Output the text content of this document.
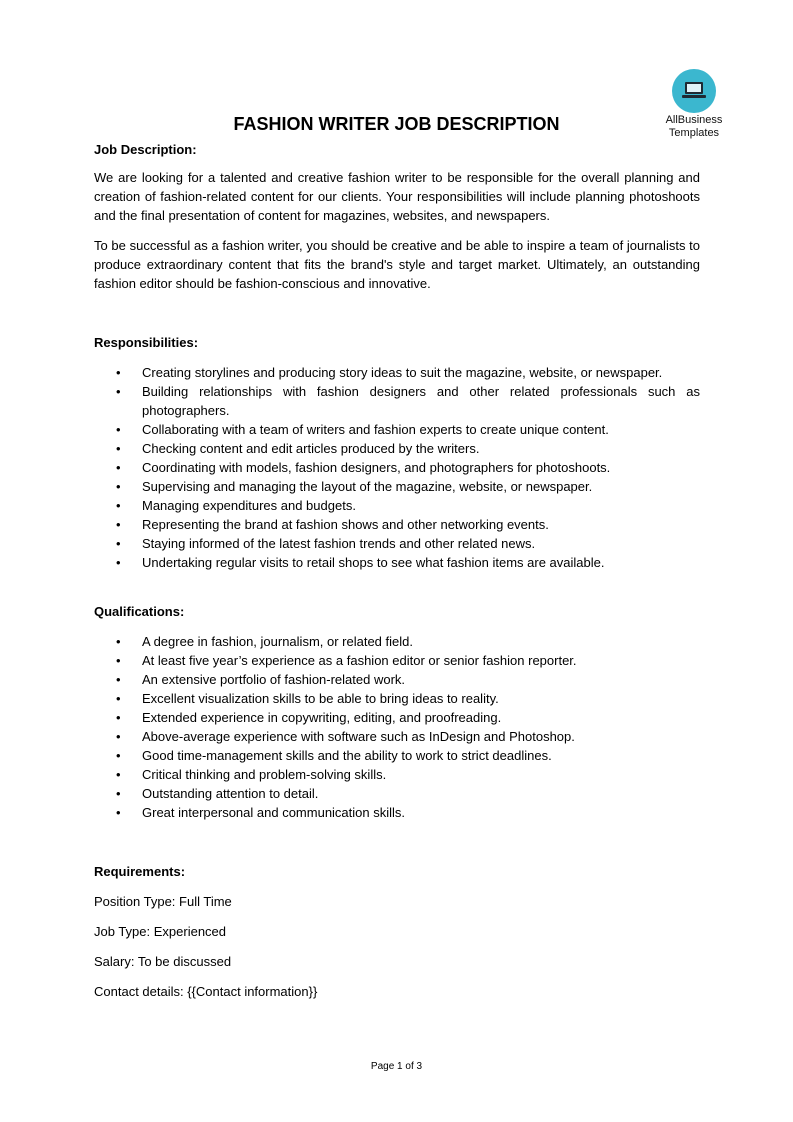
AllBusiness
Templates
FASHION WRITER JOB DESCRIPTION

Job Description:

We are looking for a talented and creative fashion writer to be responsible for the overall planning and creation of fashion-related content for our clients. Your responsibilities will include planning photoshoots and the final presentation of content for magazines, websites, and newspapers.

To be successful as a fashion writer, you should be creative and be able to inspire a team of journalists to produce extraordinary content that fits the brand's style and target market. Ultimately, an outstanding fashion editor should be fashion-conscious and innovative.

Responsibilities:

• Creating storylines and producing story ideas to suit the magazine, website, or newspaper.
• Building relationships with fashion designers and other related professionals such as photographers.
• Collaborating with a team of writers and fashion experts to create unique content.
• Checking content and edit articles produced by the writers.
• Coordinating with models, fashion designers, and photographers for photoshoots.
• Supervising and managing the layout of the magazine, website, or newspaper.
• Managing expenditures and budgets.
• Representing the brand at fashion shows and other networking events.
• Staying informed of the latest fashion trends and other related news.
• Undertaking regular visits to retail shops to see what fashion items are available.

Qualifications:

• A degree in fashion, journalism, or related field.
• At least five year’s experience as a fashion editor or senior fashion reporter.
• An extensive portfolio of fashion-related work.
• Excellent visualization skills to be able to bring ideas to reality.
• Extended experience in copywriting, editing, and proofreading.
• Above-average experience with software such as InDesign and Photoshop.
• Good time-management skills and the ability to work to strict deadlines.
• Critical thinking and problem-solving skills.
• Outstanding attention to detail.
• Great interpersonal and communication skills.

Requirements:

Position Type: Full Time

Job Type: Experienced

Salary: To be discussed

Contact details: {{Contact information}}

Page 1 of 3
